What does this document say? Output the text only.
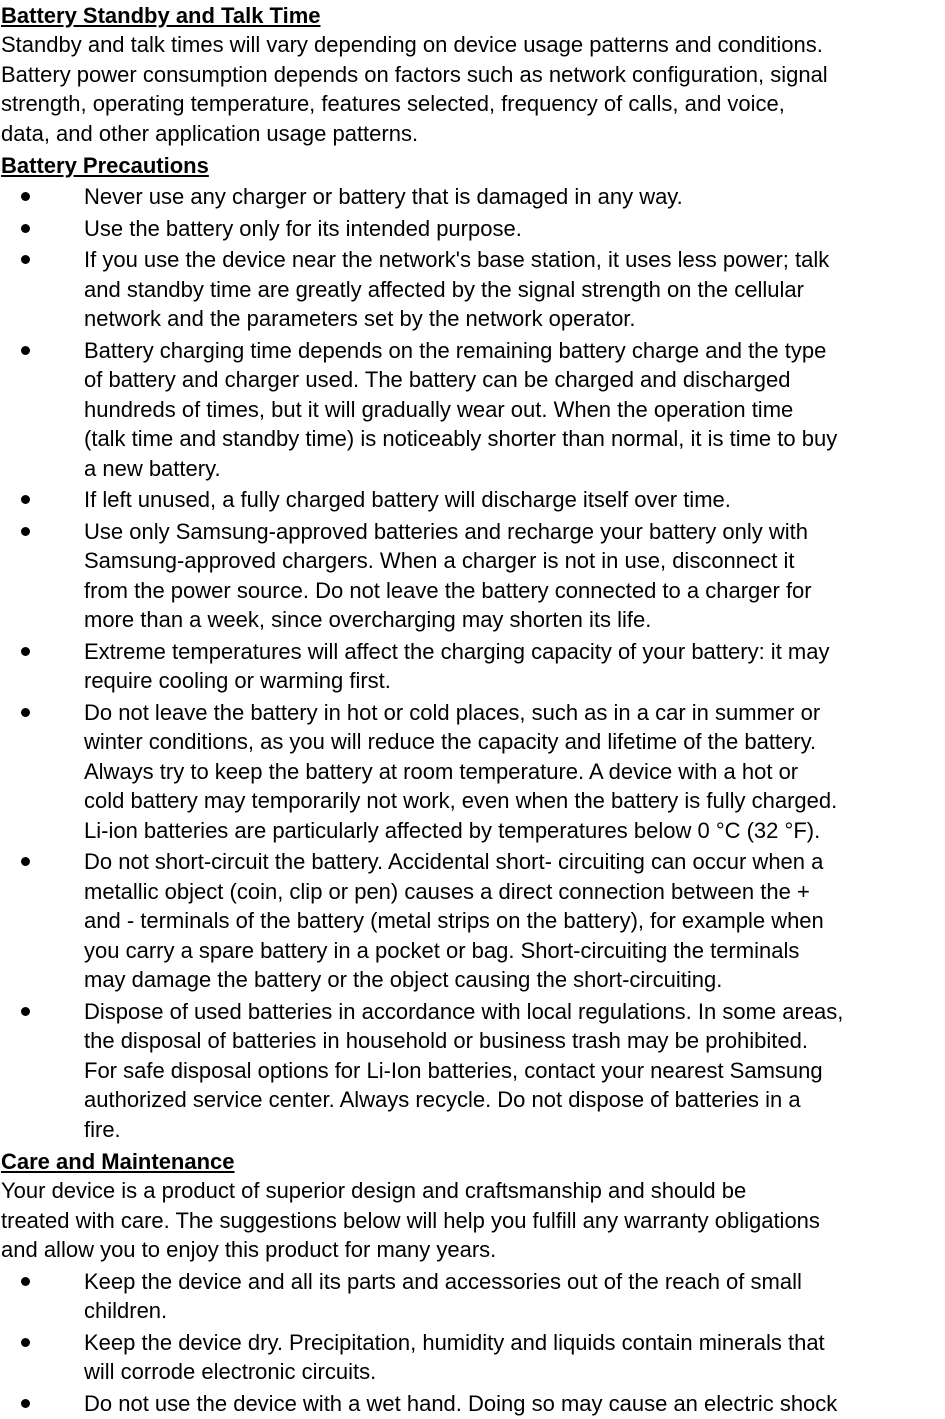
Battery Standby and Talk Time
Standby and talk times will vary depending on device usage patterns and conditions.
Battery power consumption depends on factors such as network configuration, signal
strength, operating temperature, features selected, frequency of calls, and voice,
data, and other application usage patterns.
Battery Precautions
Never use any charger or battery that is damaged in any way.
Use the battery only for its intended purpose.
If you use the device near the network's base station, it uses less power; talk
and standby time are greatly affected by the signal strength on the cellular
network and the parameters set by the network operator.
Battery charging time depends on the remaining battery charge and the type
of battery and charger used. The battery can be charged and discharged
hundreds of times, but it will gradually wear out. When the operation time
(talk time and standby time) is noticeably shorter than normal, it is time to buy
a new battery.
If left unused, a fully charged battery will discharge itself over time.
Use only Samsung-approved batteries and recharge your battery only with
Samsung-approved chargers. When a charger is not in use, disconnect it
from the power source. Do not leave the battery connected to a charger for
more than a week, since overcharging may shorten its life.
Extreme temperatures will affect the charging capacity of your battery: it may
require cooling or warming first.
Do not leave the battery in hot or cold places, such as in a car in summer or
winter conditions, as you will reduce the capacity and lifetime of the battery.
Always try to keep the battery at room temperature. A device with a hot or
cold battery may temporarily not work, even when the battery is fully charged.
Li-ion batteries are particularly affected by temperatures below 0 °C (32 °F).
Do not short-circuit the battery. Accidental short- circuiting can occur when a
metallic object (coin, clip or pen) causes a direct connection between the +
and - terminals of the battery (metal strips on the battery), for example when
you carry a spare battery in a pocket or bag. Short-circuiting the terminals
may damage the battery or the object causing the short-circuiting.
Dispose of used batteries in accordance with local regulations. In some areas,
the disposal of batteries in household or business trash may be prohibited.
For safe disposal options for Li-Ion batteries, contact your nearest Samsung
authorized service center. Always recycle. Do not dispose of batteries in a
fire.
Care and Maintenance
Your device is a product of superior design and craftsmanship and should be
treated with care. The suggestions below will help you fulfill any warranty obligations
and allow you to enjoy this product for many years.
Keep the device and all its parts and accessories out of the reach of small
children.
Keep the device dry. Precipitation, humidity and liquids contain minerals that
will corrode electronic circuits.
Do not use the device with a wet hand. Doing so may cause an electric shock
